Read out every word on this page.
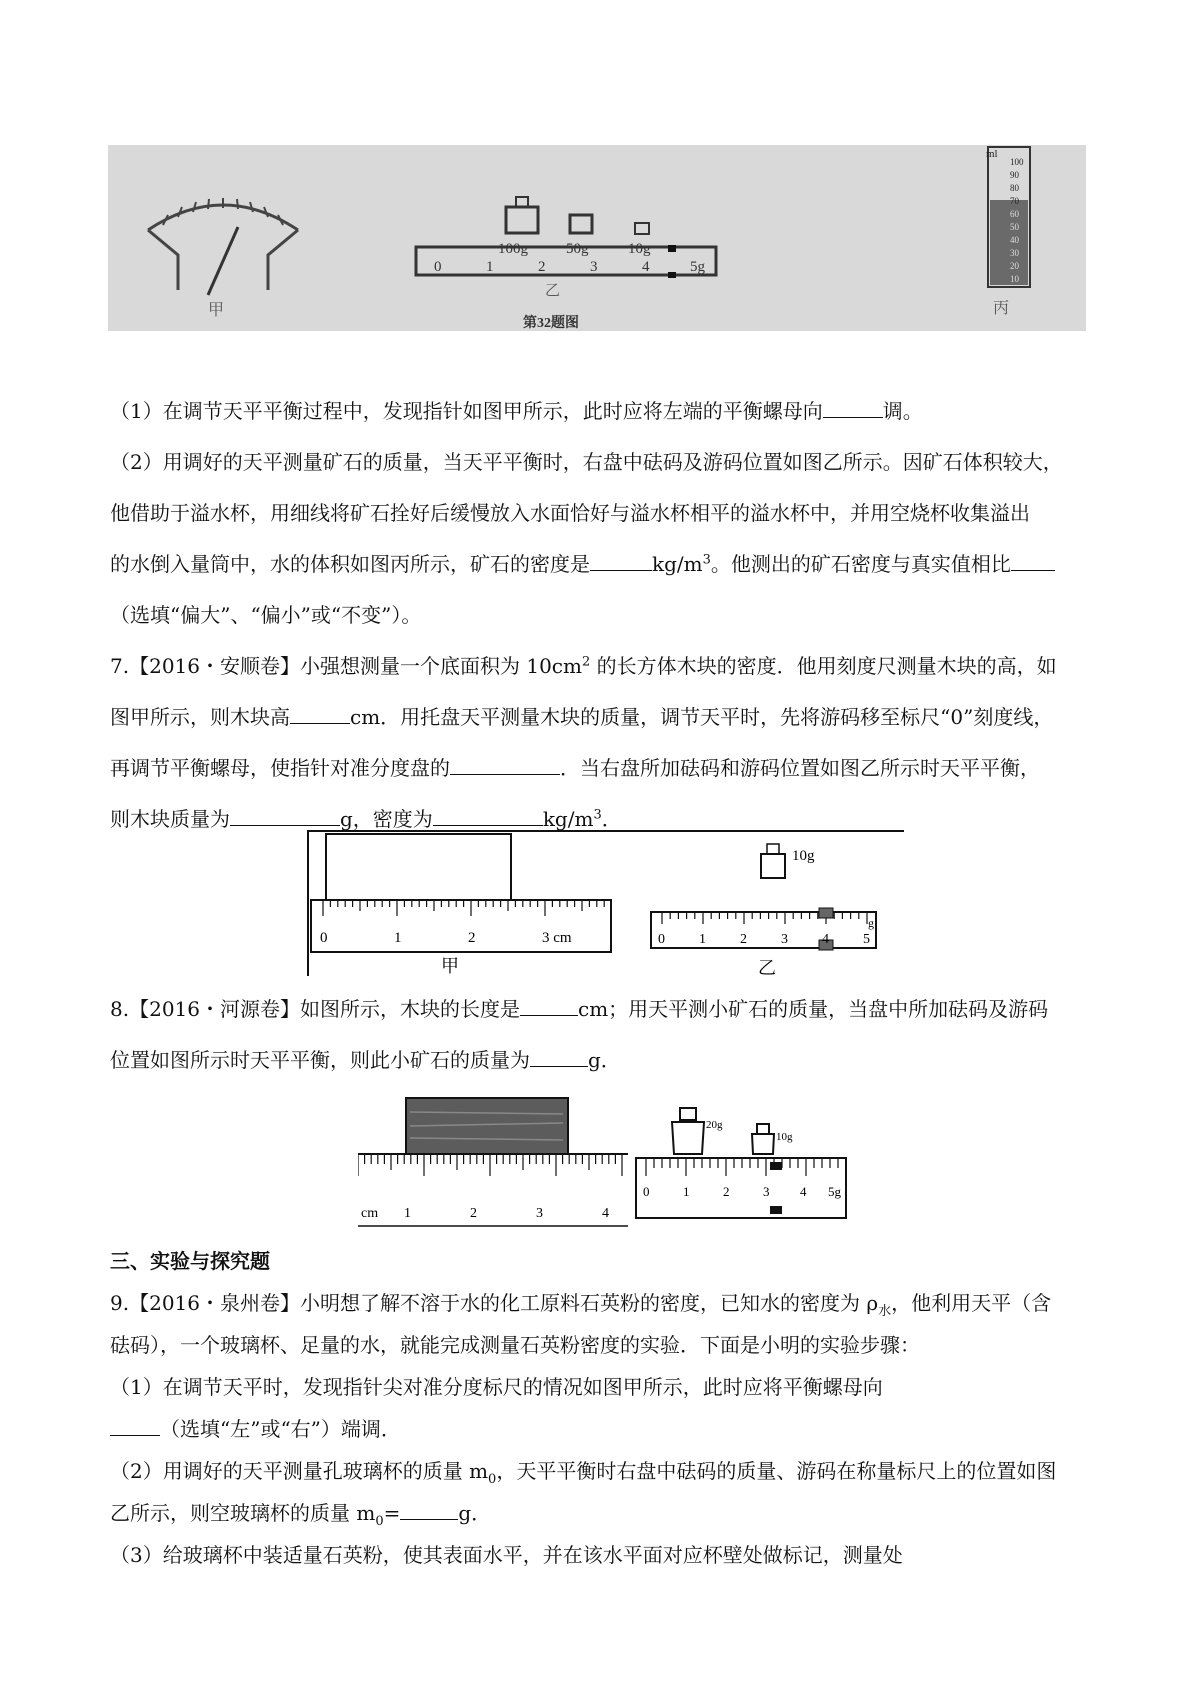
甲
100g	50g	10g
0	1	2	3	4	5g
乙
第32题图
ml
100
90
80
70
60
50
40
30
20
10
丙
（1）在调节天平平衡过程中，发现指针如图甲所示，此时应将左端的平衡螺母向	调。
（2）用调好的天平测量矿石的质量，当天平平衡时，右盘中砝码及游码位置如图乙所示。因矿石体积较大，
他借助于溢水杯，用细线将矿石拴好后缓慢放入水面恰好与溢水杯相平的溢水杯中，并用空烧杯收集溢出
的水倒入量筒中，水的体积如图丙所示，矿石的密度是	$kg/m^3$。他测出的矿石密度与真实值相比
（选填“偏大”、“偏小”或“不变”）。
7.【2016・安顺卷】小强想测量一个底面积为 $10cm^2$ 的长方体木块的密度．他用刻度尺测量木块的高，如
图甲所示，则木块高	cm．用托盘天平测量木块的质量，调节天平时，先将游码移至标尺“0”刻度线，
再调节平衡螺母，使指针对准分度盘的	．当右盘所加砝码和游码位置如图乙所示时天平平衡，
则木块质量为	g，密度为	$kg/m^3$．
0	1	2	3 cm
甲
10g
0 1 2 3 4 5
g
乙
8.【2016・河源卷】如图所示，木块的长度是	cm；用天平测小矿石的质量，当盘中所加砝码及游码
位置如图所示时天平平衡，则此小矿石的质量为	g．
cm 1	2	3	4
20g
10g
0	1	2	3 4 5g
三、实验与探究题
9.【2016・泉州卷】小明想了解不溶于水的化工原料石英粉的密度，已知水的密度为 $\rho_水$，他利用天平（含
砝码），一个玻璃杯、足量的水，就能完成测量石英粉密度的实验．下面是小明的实验步骤：
（1）在调节天平时，发现指针尖对准分度标尺的情况如图甲所示，此时应将平衡螺母向
（选填“左”或“右”）端调．
（2）用调好的天平测量孔玻璃杯的质量 $m_0$，天平平衡时右盘中砝码的质量、游码在称量标尺上的位置如图
乙所示，则空玻璃杯的质量 $m_0=$	g．
（3）给玻璃杯中装适量石英粉，使其表面水平，并在该水平面对应杯壁处做标记，测量处
